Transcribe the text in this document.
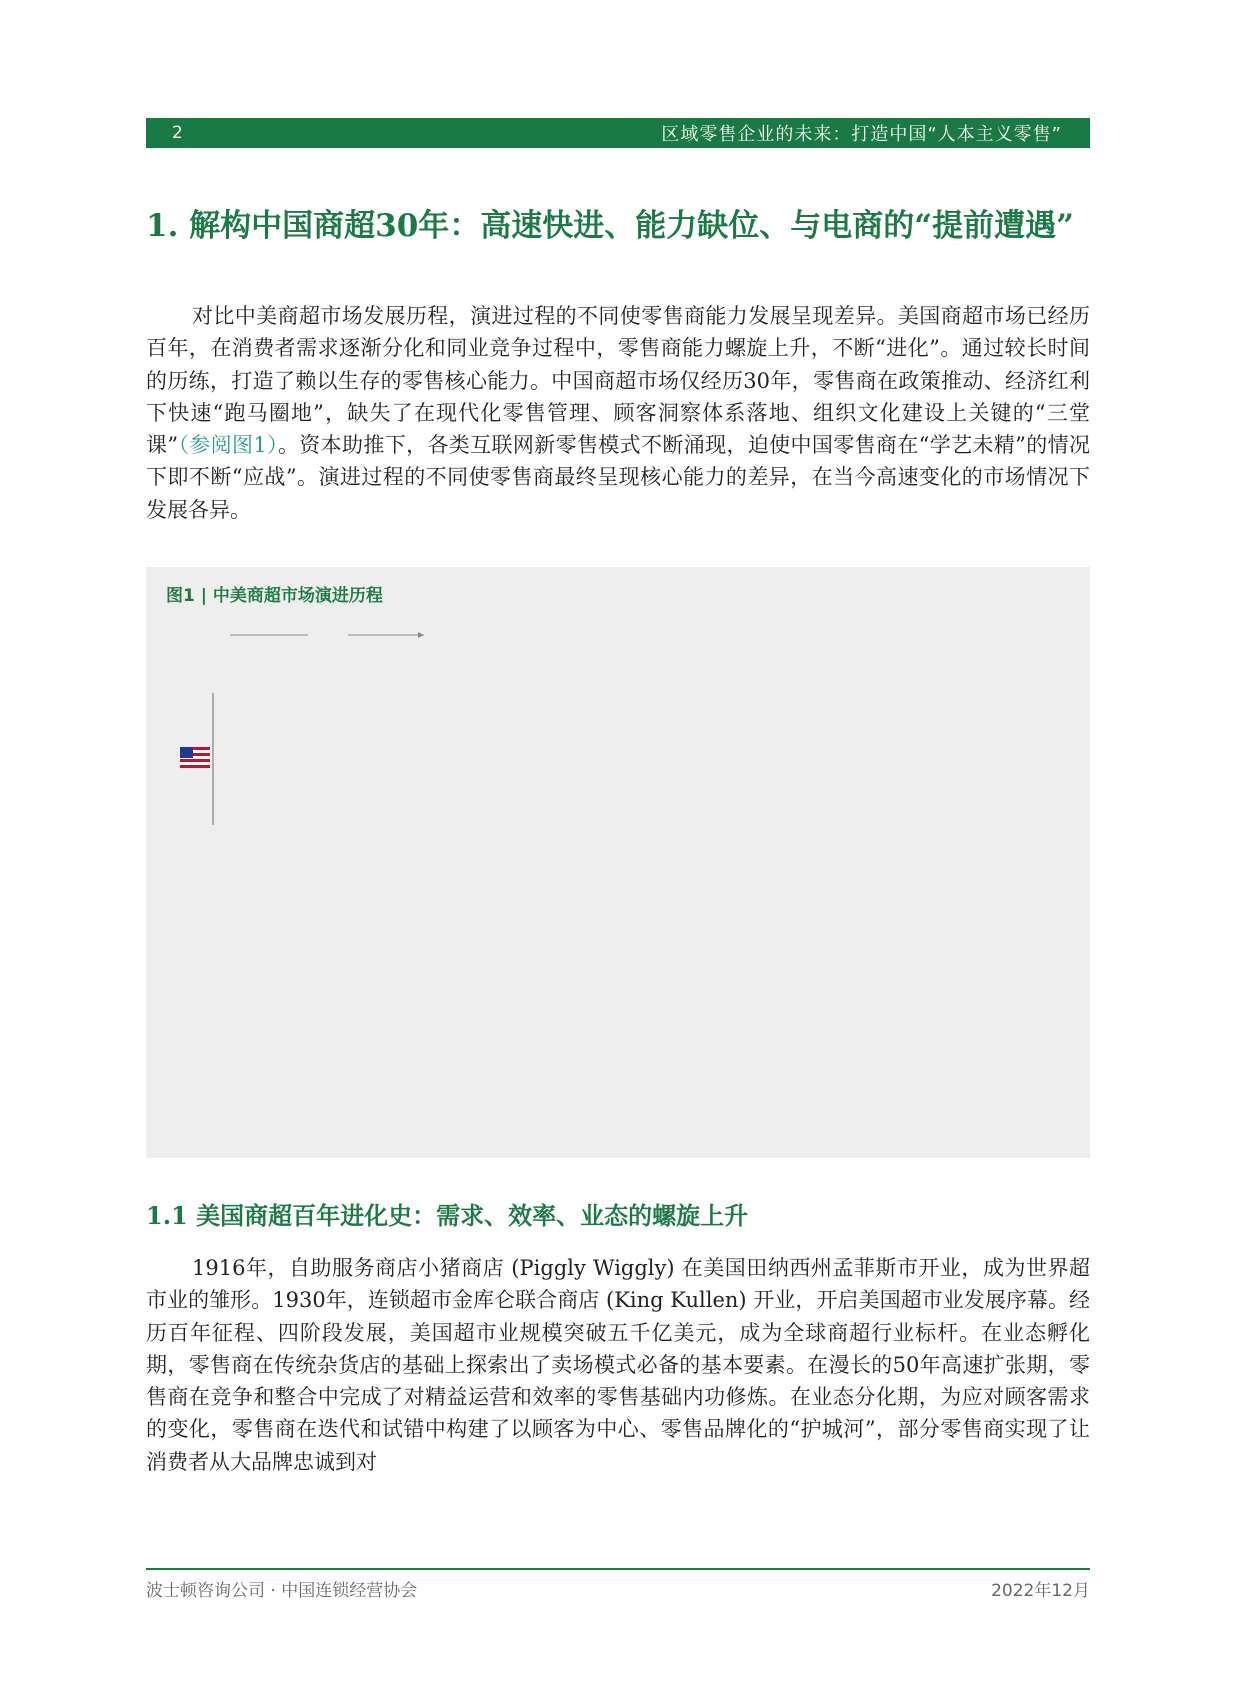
2	区域零售企业的未来：打造中国“人本主义零售”
1. 解构中国商超30年：高速快进、能力缺位、与电商的“提前遭遇”

对比中美商超市场发展历程，演进过程的不同使零售商能力发展呈现差异。美国商超市场已经历百年，在消费者需求逐渐分化和同业竞争过程中，零售商能力螺旋上升，不断“进化”。通过较长时间的历练，打造了赖以生存的零售核心能力。中国商超市场仅经历30年，零售商在政策推动、经济红利下快速“跑马圈地”，缺失了在现代化零售管理、顾客洞察体系落地、组织文化建设上关键的“三堂课”（参阅图1）。资本助推下，各类互联网新零售模式不断涌现，迫使中国零售商在“学艺未精”的情况下即不断“应战”。演进过程的不同使零售商最终呈现核心能力的差异，在当今高速变化的市场情况下发展各异。

图1 | 中美商超市场演进历程
1.1 美国商超百年进化史：需求、效率、业态的螺旋上升

1916年，自助服务商店小猪商店 (Piggly Wiggly) 在美国田纳西州孟菲斯市开业，成为世界超市业的雏形。1930年，连锁超市金库仑联合商店 (King Kullen) 开业，开启美国超市业发展序幕。经历百年征程、四阶段发展，美国超市业规模突破五千亿美元，成为全球商超行业标杆。在业态孵化期，零售商在传统杂货店的基础上探索出了卖场模式必备的基本要素。在漫长的50年高速扩张期，零售商在竞争和整合中完成了对精益运营和效率的零售基础内功修炼。在业态分化期，为应对顾客需求的变化，零售商在迭代和试错中构建了以顾客为中心、零售品牌化的“护城河”，部分零售商实现了让消费者从大品牌忠诚到对

波士顿咨询公司 · 中国连锁经营协会	2022年12月
